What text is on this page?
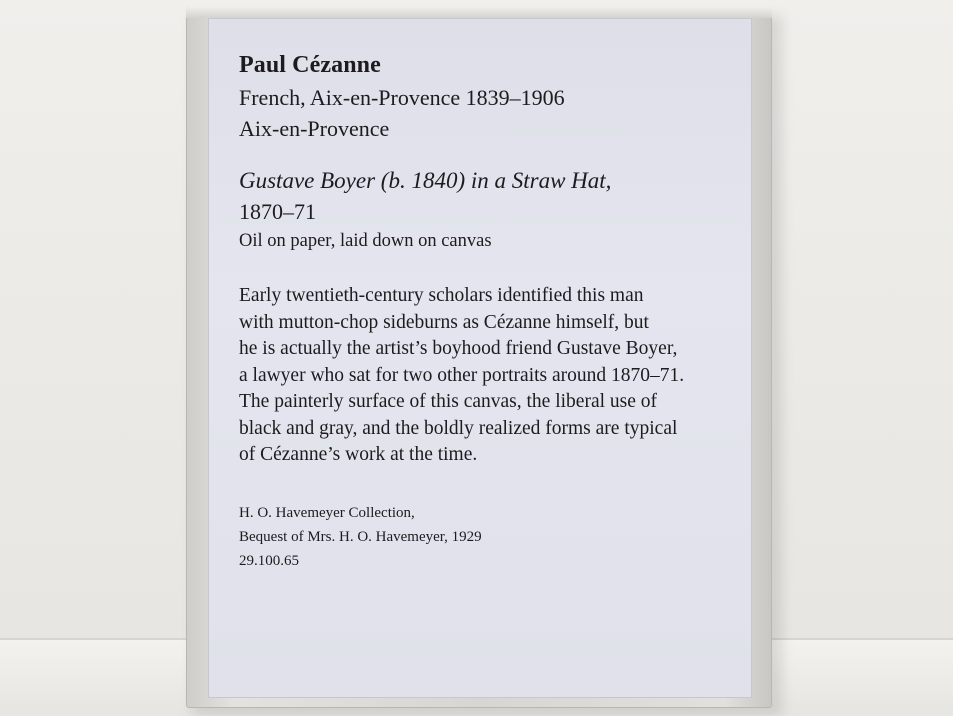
Paul Cézanne
French, Aix-en-Provence 1839–1906
Aix-en-Provence
Gustave Boyer (b. 1840) in a Straw Hat,
1870–71
Oil on paper, laid down on canvas
Early twentieth-century scholars identified this man
with mutton-chop sideburns as Cézanne himself, but
he is actually the artist’s boyhood friend Gustave Boyer,
a lawyer who sat for two other portraits around 1870–71.
The painterly surface of this canvas, the liberal use of
black and gray, and the boldly realized forms are typical
of Cézanne’s work at the time.
H. O. Havemeyer Collection,
Bequest of Mrs. H. O. Havemeyer, 1929
29.100.65
